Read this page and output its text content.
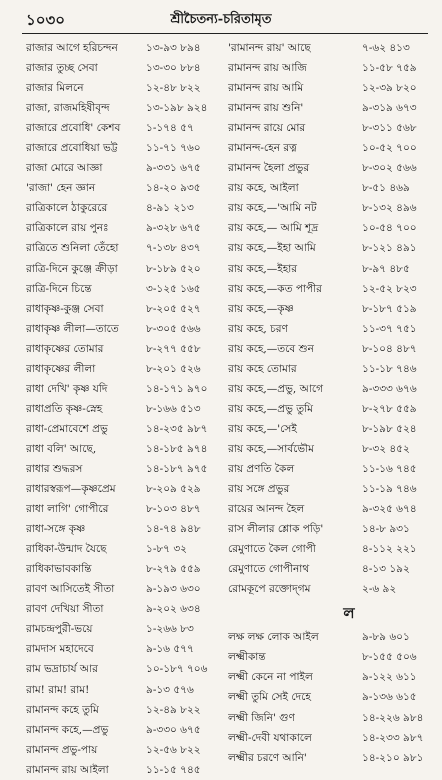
১০৩০	শ্রীচৈতন্য-চরিতামৃত
রাজার আগে হরিচন্দন	১৩-৯৩ ৮৯৪
রাজার তুচ্ছ সেবা	১৩-৩০ ৮৮৪
রাজার মিলনে	১২-৪৮ ৮২২
রাজা, রাজমহিষীবৃন্দ	১৩-১৯৮ ৯২৪
রাজারে প্রবোধি' কেশব	১-১৭৪ ৫৭
রাজারে প্রবোধিয়া ভট্ট	১১-৭১ ৭৬০
রাজা মোরে আজ্ঞা	৯-৩৩১ ৬৭৫
'রাজা' হেন জ্ঞান	১৪-২০ ৯৩৫
রাত্রিকালে ঠাকুরেরে	৪-৯১ ২১৩
রাত্রিকালে রায় পুনঃ	৯-৩২৮ ৬৭৫
রাত্রিতে শুনিলা তেঁহো	৭-১৩৮ ৪৩৭
রাত্রি-দিনে কুঞ্জে ক্রীড়া	৮-১৮৯ ৫২০
রাত্রি-দিনে চিন্তে	৩-১২৫ ১৬৫
রাধাকৃষ্ণ-কুঞ্জ সেবা	৮-২০৫ ৫২৭
রাধাকৃষ্ণ লীলা—তাতে	৮-৩০৫ ৫৬৬
রাধাকৃষ্ণের তোমার	৮-২৭৭ ৫৫৮
রাধাকৃষ্ণের লীলা	৮-২০১ ৫২৬
রাধা দেখি' কৃষ্ণ যদি	১৪-১৭১ ৯৭০
রাধাপ্রতি কৃষ্ণ-স্নেহ	৮-১৬৬ ৫১৩
রাধা-প্রেমাবেশে প্রভু	১৪-২৩৫ ৯৮৭
রাধা বলি' আছে,	১৪-১৮৫ ৯৭৪
রাধার শুদ্ধরস	১৪-১৮৭ ৯৭৫
রাধারস্বরূপ—কৃষ্ণপ্রেম	৮-২০৯ ৫২৯
রাধা লাগি' গোপীরে	৮-১০৩ ৪৮৭
রাধা-সঙ্গে কৃষ্ণ	১৪-৭৪ ৯৪৮
রাধিকা-উন্মাদ যৈছে	১-৮৭ ৩২
রাধিকাভাবকান্তি	৮-২৭৯ ৫৫৯
রাবণ আসিতেই সীতা	৯-১৯৩ ৬৩০
রাবণ দেখিয়া সীতা	৯-২০২ ৬৩৪
রামচন্দ্রপুরী-ভয়ে	১-২৬৬ ৮৩
রামদাস মহাদেবে	৯-১৬ ৫৭৭
রাম ভদ্রাচার্য আর	১০-১৮৭ ৭০৬
রাম! রাম! রাম!	৯-১৩ ৫৭৬
রামানন্দ কহে তুমি	১২-৪৯ ৮২২
রামানন্দ কহে,—প্রভু	৯-৩৩০ ৬৭৫
রামানন্দ প্রভু-পায়	১২-৫৬ ৮২২
রামানন্দ রায় আইলা	১১-১৫ ৭৪৫
'রামানন্দ রায়' আছে	৭-৬২ ৪১৩
রামানন্দ রায় আজি	১১-৫৮ ৭৫৯
রামানন্দ রায় আমি	১২-৩৯ ৮২০
রামানন্দ রায় শুনি'	৯-৩১৯ ৬৭৩
রামানন্দ রায়ে মোর	৮-৩১১ ৫৬৮
রামানন্দ-হেন রত্ন	১০-৫২ ৭০০
রামানন্দ হৈলা প্রভুর	৮-৩০২ ৫৬৬
রায় কহে, আইলা	৮-৫১ ৪৬৯
রায় কহে,—'আমি নট	৮-১৩২ ৪৯৬
রায় কহে,— আমি শূদ্র	১০-৫৪ ৭০০
রায় কহে,—ইহা আমি	৮-১২১ ৪৯১
রায় কহে,—ইহার	৮-৯৭ ৪৮৫
রায় কহে,—কত পাপীর	১২-৫২ ৮২৩
রায় কহে,—কৃষ্ণ	৮-১৮৭ ৫১৯
রায় কহে, চরণ	১১-৩৭ ৭৫১
রায় কহে,—তবে শুন	৮-১০৪ ৪৮৭
রায় কহে তোমার	১১-১৮ ৭৪৬
রায় কহে,—প্রভু, আগে	৯-৩৩৩ ৬৭৬
রায় কহে,—প্রভু তুমি	৮-২৭৮ ৫৫৯
রায় কহে,—'সেই	৮-১৯৮ ৫২৪
রায় কহে,—সার্বভৌম	৮-৩২ ৪৫২
রায় প্রণতি কৈল	১১-১৬ ৭৪৫
রায় সঙ্গে প্রভুর	১১-১৯ ৭৪৬
রায়ের আনন্দ হৈল	৯-৩২৫ ৬৭৪
রাস লীলার শ্লোক পড়ি'	১৪-৮ ৯৩১
রেমুণাতে কৈল গোপী	৪-১১২ ২২১
রেমুণাতে গোপীনাথ	৪-১৩ ১৯২
রোমকূপে রক্তোদ্‌গম	২-৬ ৯২
ল
লক্ষ লক্ষ লোক আইল	৯-৮৯ ৬০১
লক্ষ্মীকান্ত	৮-১৫৫ ৫০৬
লক্ষ্মী কেনে না পাইল	৯-১২২ ৬১১
লক্ষ্মী তুমি সেই দেহে	৯-১৩৬ ৬১৫
লক্ষ্মী জিনি' গুণ	১৪-২২৬ ৯৮৪
লক্ষ্মী-দেবী যথাকালে	১৪-২৩৩ ৯৮৭
লক্ষ্মীর চরণে আনি'	১৪-২১০ ৯৮১
